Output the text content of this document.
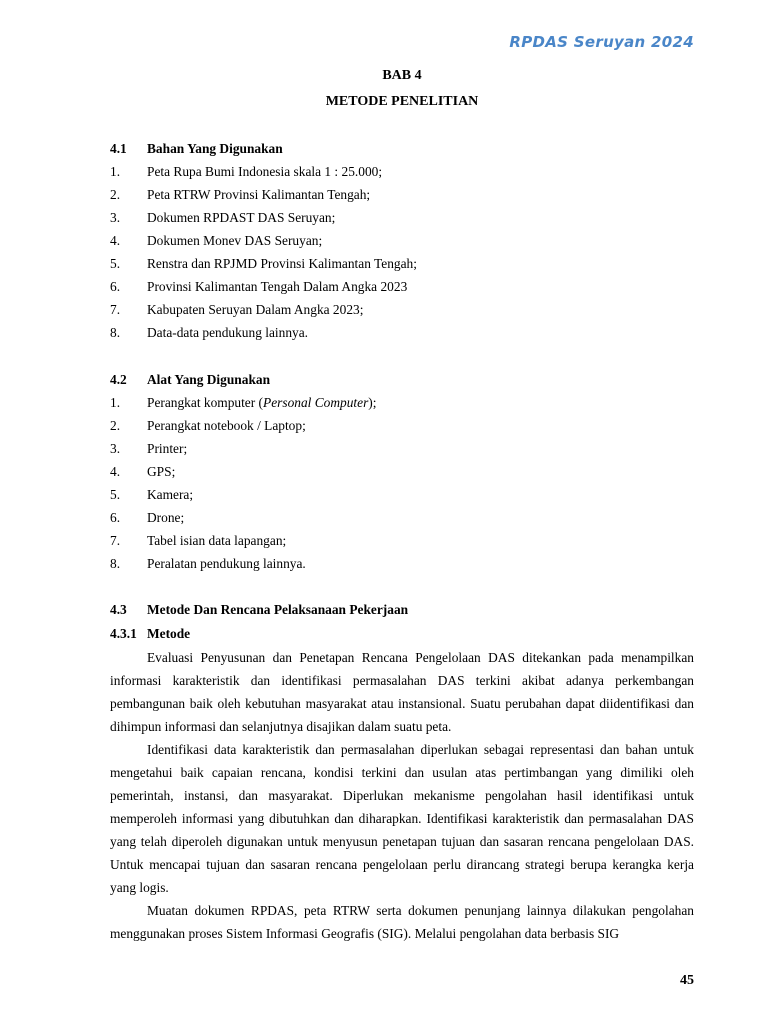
RPDAS Seruyan 2024
BAB 4
METODE PENELITIAN
4.1 Bahan Yang Digunakan
1. Peta Rupa Bumi Indonesia skala 1 : 25.000;
2. Peta RTRW Provinsi Kalimantan Tengah;
3. Dokumen RPDAST DAS Seruyan;
4. Dokumen Monev DAS Seruyan;
5. Renstra dan RPJMD Provinsi Kalimantan Tengah;
6. Provinsi Kalimantan Tengah Dalam Angka 2023
7. Kabupaten Seruyan Dalam Angka 2023;
8. Data-data pendukung lainnya.
4.2 Alat Yang Digunakan
1. Perangkat komputer (Personal Computer);
2. Perangkat notebook / Laptop;
3. Printer;
4. GPS;
5. Kamera;
6. Drone;
7. Tabel isian data lapangan;
8. Peralatan pendukung lainnya.
4.3 Metode Dan Rencana Pelaksanaan Pekerjaan
4.3.1 Metode
Evaluasi Penyusunan dan Penetapan Rencana Pengelolaan DAS ditekankan pada menampilkan informasi karakteristik dan identifikasi permasalahan DAS terkini akibat adanya perkembangan pembangunan baik oleh kebutuhan masyarakat atau instansional. Suatu perubahan dapat diidentifikasi dan dihimpun informasi dan selanjutnya disajikan dalam suatu peta.
Identifikasi data karakteristik dan permasalahan diperlukan sebagai representasi dan bahan untuk mengetahui baik capaian rencana, kondisi terkini dan usulan atas pertimbangan yang dimiliki oleh pemerintah, instansi, dan masyarakat. Diperlukan mekanisme pengolahan hasil identifikasi untuk memperoleh informasi yang dibutuhkan dan diharapkan. Identifikasi karakteristik dan permasalahan DAS yang telah diperoleh digunakan untuk menyusun penetapan tujuan dan sasaran rencana pengelolaan DAS. Untuk mencapai tujuan dan sasaran rencana pengelolaan perlu dirancang strategi berupa kerangka kerja yang logis.
Muatan dokumen RPDAS, peta RTRW serta dokumen penunjang lainnya dilakukan pengolahan menggunakan proses Sistem Informasi Geografis (SIG). Melalui pengolahan data berbasis SIG
45
